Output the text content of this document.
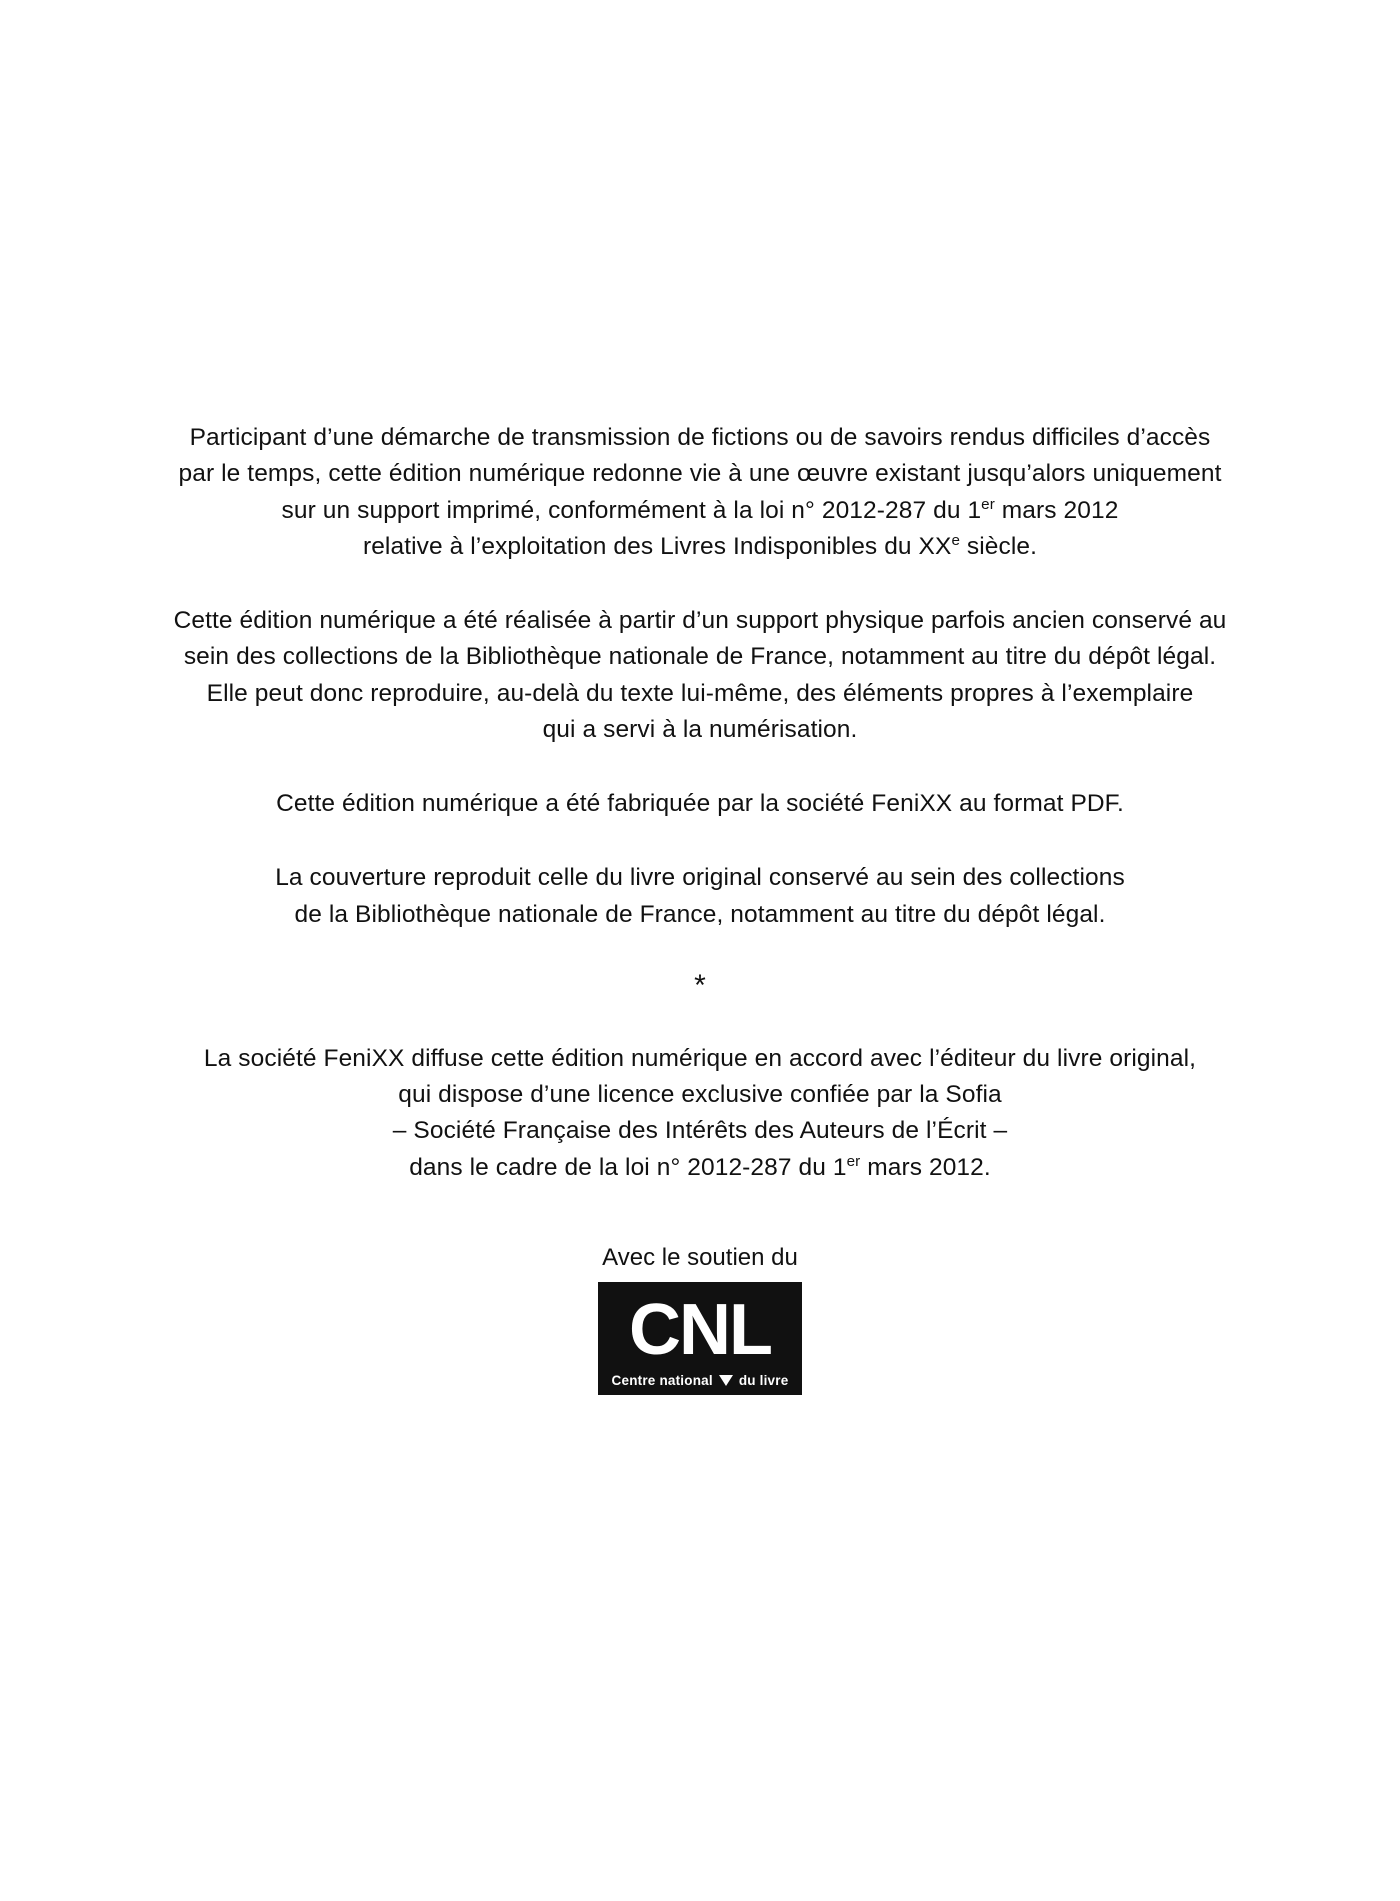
Participant d’une démarche de transmission de fictions ou de savoirs rendus difficiles d’accès
par le temps, cette édition numérique redonne vie à une œuvre existant jusqu’alors uniquement
sur un support imprimé, conformément à la loi n° 2012-287 du 1er mars 2012
relative à l’exploitation des Livres Indisponibles du XXe siècle.

Cette édition numérique a été réalisée à partir d’un support physique parfois ancien conservé au
sein des collections de la Bibliothèque nationale de France, notamment au titre du dépôt légal.
Elle peut donc reproduire, au-delà du texte lui-même, des éléments propres à l’exemplaire
qui a servi à la numérisation.

Cette édition numérique a été fabriquée par la société FeniXX au format PDF.

La couverture reproduit celle du livre original conservé au sein des collections
de la Bibliothèque nationale de France, notamment au titre du dépôt légal.

*

La société FeniXX diffuse cette édition numérique en accord avec l’éditeur du livre original,
qui dispose d’une licence exclusive confiée par la Sofia
– Société Française des Intérêts des Auteurs de l’Écrit –
dans le cadre de la loi n° 2012-287 du 1er mars 2012.

Avec le soutien du
CNL
Centre national du livre
